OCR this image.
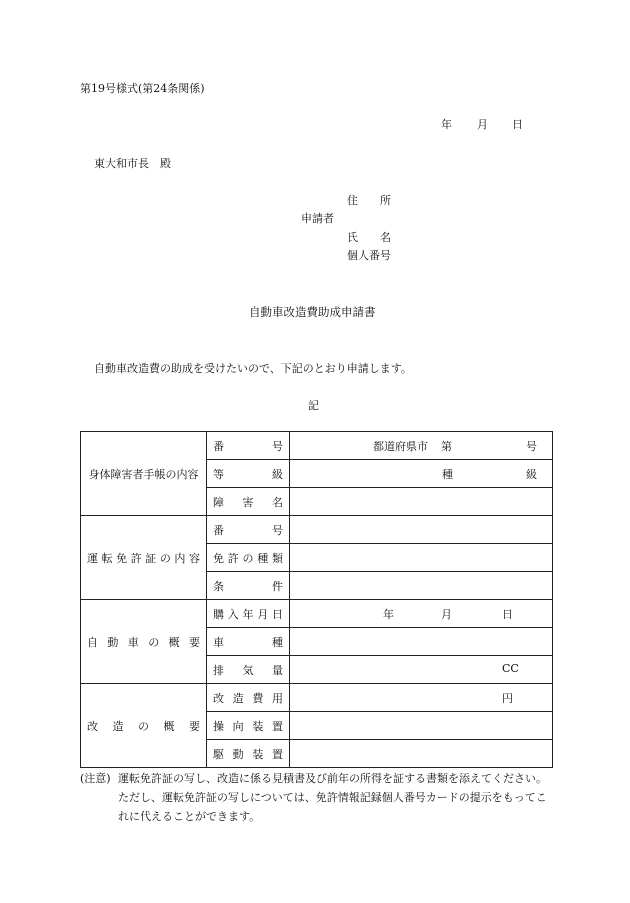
第19号様式(第24条関係)
年 月 日
東大和市長　殿
住　　所
申請者
氏　　名
個人番号
自動車改造費助成申請書
自動車改造費の助成を受けたいので、下記のとおり申請します。
記
身体障害者手帳の内容	番号	都道府県市 第 号

	等級	種 級

	障害名	
運転免許証の内容	番号	
	免許の種類	
	条件	
自動車の概要	購入年月日	年 月 日

	車種	
	排気量	CC

改造の概要	改造費用	円

	操向装置	
	駆動装置	
(注意) 運転免許証の写し、改造に係る見積書及び前年の所得を証する書類を添えてください。ただし、運転免許証の写しについては、免許情報記録個人番号カードの提示をもってこれに代えることができます。
